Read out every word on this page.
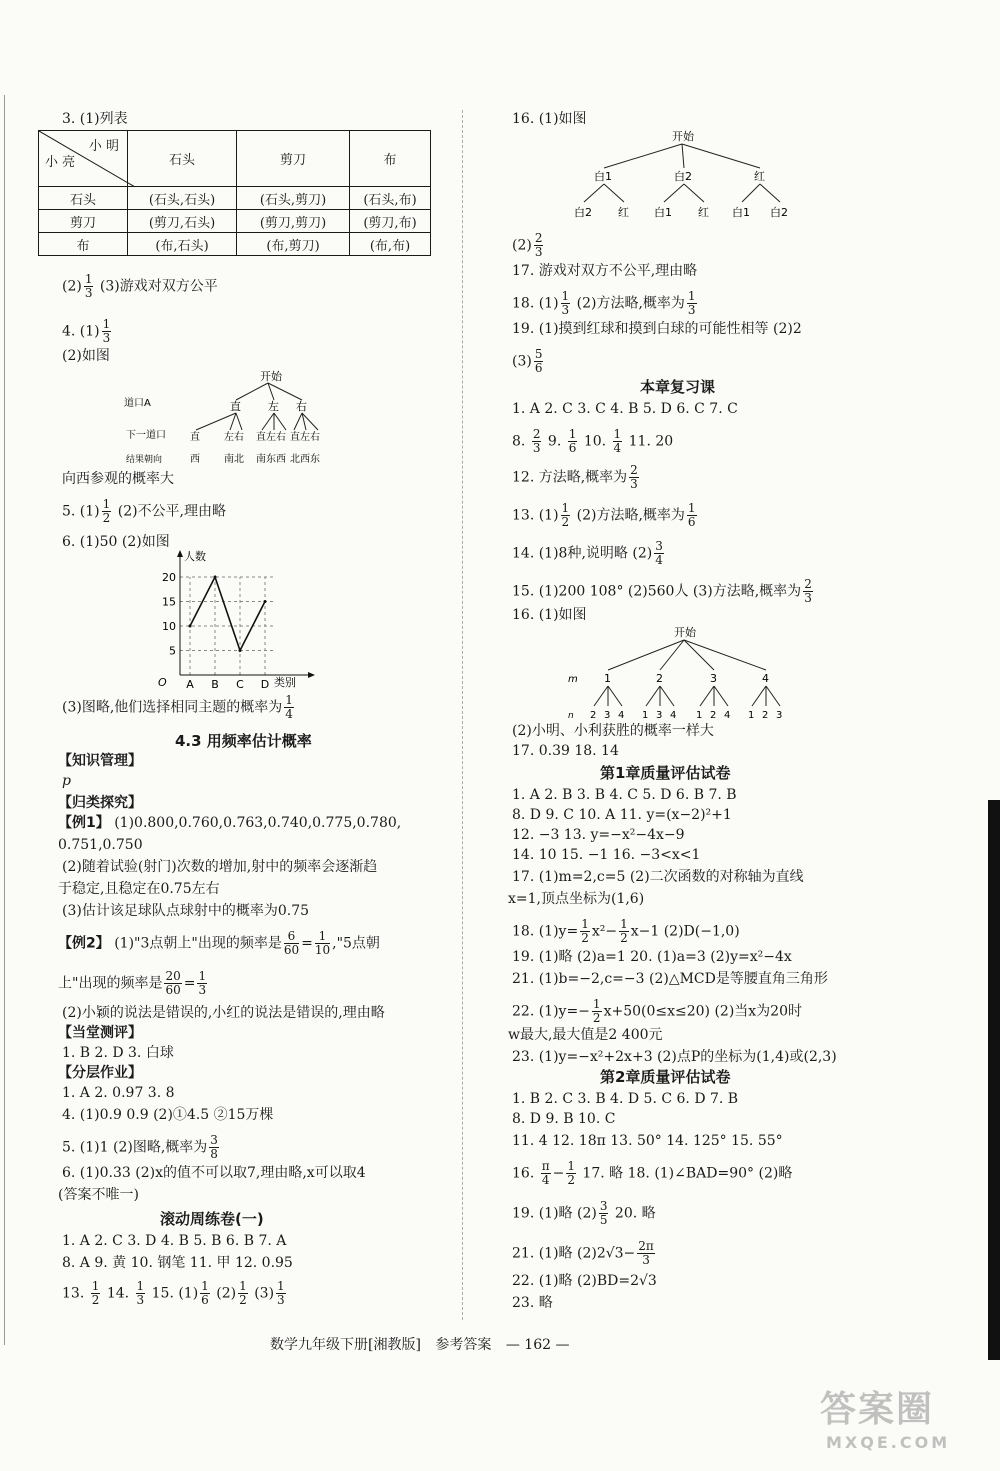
3. (1)列表
小 明
小 亮	石头	剪刀	布
石头	(石头,石头)	(石头,剪刀)	(石头,布)
剪刀	(剪刀,石头)	(剪刀,剪刀)	(剪刀,布)
布	(布,石头)	(布,剪刀)	(布,布)
$(2) \frac{1}{3} (3)$游戏对双方公平
4. $(1) \frac{1}{3}$
(2)如图
开始
道口A	直 左 右
下一道口 直 左右 直左右 直左右
结果朝向	西 南北 南东西 北西东
向西参观的概率大
5. $(1) \frac{1}{2} (2)$不公平,理由略
6. (1)50 (2)如图
人数
类别
O
5
10
15
20
A B C D
(3)图略,他们选择相同主题的概率为 $\frac{1}{4}$
4.3 用频率估计概率
【知识管理】
p
【归类探究】
【例1】 (1)0.800,0.760,0.763,0.740,0.775,0.780,
0.751,0.750
(2)随着试验(射门)次数的增加,射中的频率会逐渐趋
于稳定,且稳定在0.75左右
(3)估计该足球队点球射中的概率为0.75
【例2】 (1)"3点朝上"出现的频率是 $\frac{6}{60} = \frac{1}{10}$ ,"5点朝
上"出现的频率是 $\frac{20}{60} = \frac{1}{3}$
(2)小颖的说法是错误的,小红的说法是错误的,理由略
【当堂测评】
1. B 2. D 3. 白球
【分层作业】
1. A 2. 0.97 3. 8
4. (1)0.9 0.9 (2)①4.5 ②15万棵
5. (1)1 (2)图略,概率为 $\frac{3}{8}$
6. (1)0.33 (2)x的值不可以取7,理由略,x可以取4
(答案不唯一)
滚动周练卷(一)
1. A 2. C 3. D 4. B 5. B 6. B 7. A
8. A 9. 黄 10. 钢笔 11. 甲 12. 0.95
13. $\frac{1}{2} 14$. $\frac{1}{3} 15$. $(1) \frac{1}{6} (2) \frac{1}{2} (3) \frac{1}{3}$
16. (1)如图
开始
白1	白2	红
白2 红 白1 红 白1 白2
$(2) \frac{2}{3}$
17. 游戏对双方不公平,理由略
18. $(1) \frac{1}{3} (2)$方法略,概率为 $\frac{1}{3}$
19. (1)摸到红球和摸到白球的可能性相等 (2)2
$(3) \frac{5}{6}$
本章复习课
1. A 2. C 3. C 4. B 5. D 6. C 7. C
8. $\frac{2}{3} 9$. $\frac{1}{6} 10$. $\frac{1}{4} 11$. 20
12. 方法略,概率为 $\frac{2}{3}$
13. $(1) \frac{1}{2} (2)$方法略,概率为 $\frac{1}{6}$
14. (1)8种,说明略 $(2) \frac{3}{4}$
15. (1)200 108° (2)560人 (3)方法略,概率为 $\frac{2}{3}$
16. (1)如图
开始
m 1	2	3	4
n 2 3 4 1 3 4 1 2 4 1 2 3
(2)小明、小利获胜的概率一样大
17. 0.39 18. 14
第1章质量评估试卷
1. A 2. B 3. B 4. C 5. D 6. B 7. B
8. D 9. C 10. A 11. y=(x−2)²+1
12. −3 13. y=−x²−4x−9
14. 10 15. −1 16. −3<x<1
17. (1)m=2,c=5 (2)二次函数的对称轴为直线
x=1,顶点坐标为(1,6)
18. $(1)y= \frac{1}{2} x^2- \frac{1}{2} x-1$ (2)D(−1,0)
19. (1)略 (2)a=1 20. (1)a=3 (2)y=x²−4x
21. (1)b=−2,c=−3 (2)△MCD是等腰直角三角形
22. $(1)y=- \frac{1}{2} x+50(0\le x\le 20)$ (2)当x为20时
w最大,最大值是2 400元
23. (1)y=−x²+2x+3 (2)点P的坐标为(1,4)或(2,3)
第2章质量评估试卷
1. B 2. C 3. B 4. D 5. C 6. D 7. B
8. D 9. B 10. C
11. 4 12. 18π 13. 50° 14. 125° 15. 55°
16. $\frac{\pi}{4} - \frac{1}{2} 17$. 略 18. (1)∠BAD=90° (2)略
19. (1)略 $(2) \frac{3}{5} 20$. 略
21. (1)略 $(2)2√3- \frac{2\pi}{3}$
22. (1)略 (2)BD=2√3
23. 略
数学九年级下册[湘教版] 参考答案 — 162 —
答案圈
MXQE.COM
